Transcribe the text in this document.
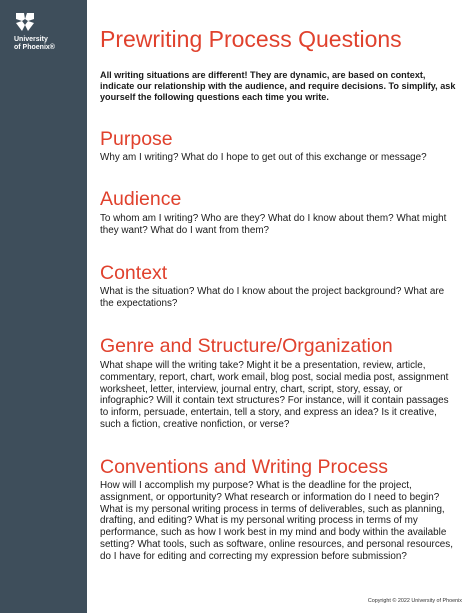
University
of Phoenix®	Prewriting Process Questions
All writing situations are different! They are dynamic, are based on context, indicate our relationship with the audience, and require decisions. To simplify, ask yourself the following questions each time you write.
Purpose
Why am I writing? What do I hope to get out of this exchange or message?
Audience
To whom am I writing? Who are they? What do I know about them? What might they want? What do I want from them?
Context
What is the situation? What do I know about the project background? What are the expectations?
Genre and Structure/Organization
What shape will the writing take? Might it be a presentation, review, article, commentary, report, chart, work email, blog post, social media post, assignment worksheet, letter, interview, journal entry, chart, script, story, essay, or infographic? Will it contain text structures? For instance, will it contain passages to inform, persuade, entertain, tell a story, and express an idea? Is it creative, such a fiction, creative nonfiction, or verse?
Conventions and Writing Process
How will I accomplish my purpose? What is the deadline for the project, assignment, or opportunity? What research or information do I need to begin? What is my personal writing process in terms of deliverables, such as planning, drafting, and editing? What is my personal writing process in terms of my performance, such as how I work best in my mind and body within the available setting? What tools, such as software, online resources, and personal resources, do I have for editing and correcting my expression before submission?
Copyright © 2022 University of Phoenix
